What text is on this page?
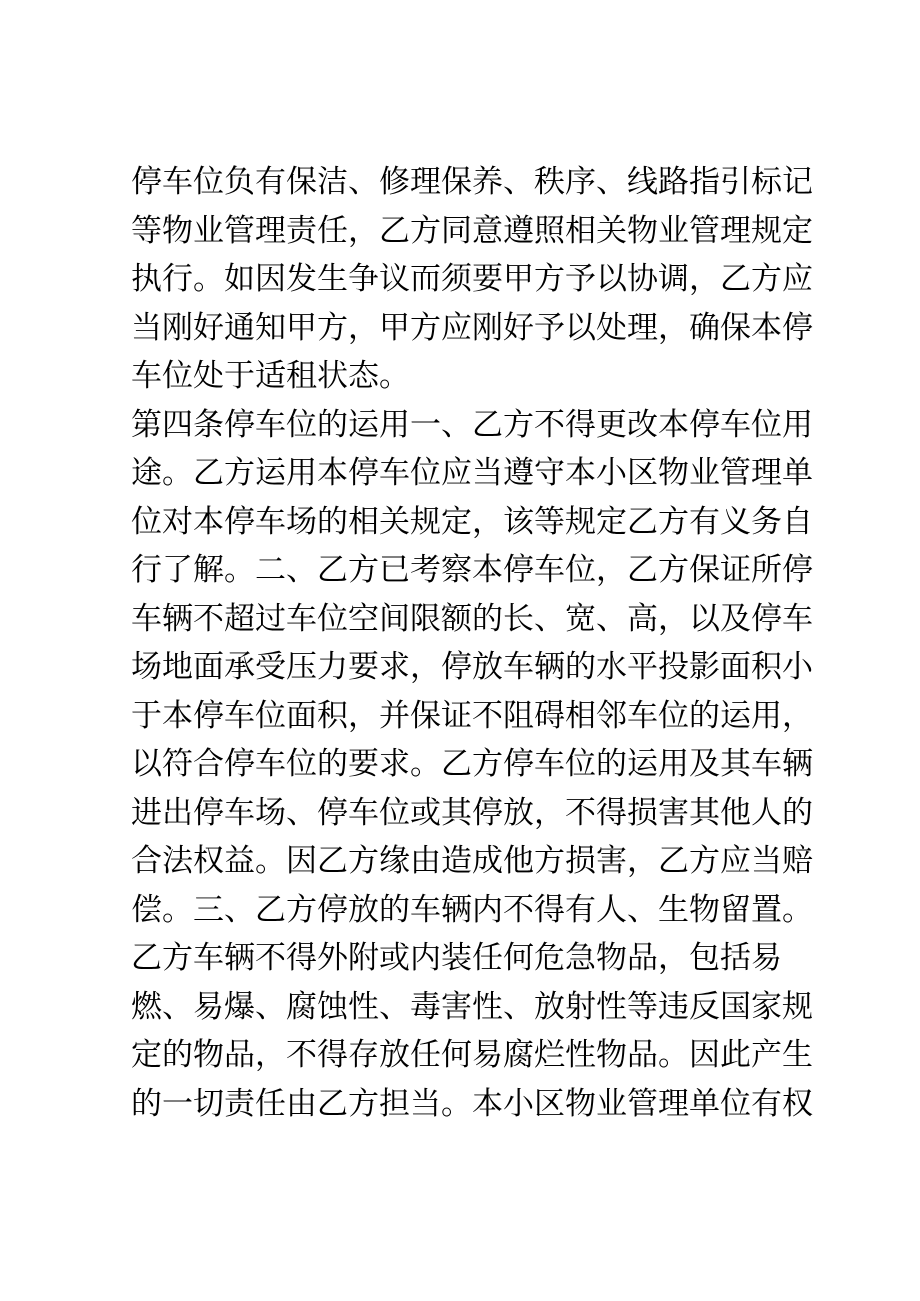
停车位负有保洁、修理保养、秩序、线路指引标记
等物业管理责任，乙方同意遵照相关物业管理规定
执行。如因发生争议而须要甲方予以协调，乙方应
当刚好通知甲方，甲方应刚好予以处理，确保本停
车位处于适租状态。
第四条停车位的运用一、乙方不得更改本停车位用
途。乙方运用本停车位应当遵守本小区物业管理单
位对本停车场的相关规定，该等规定乙方有义务自
行了解。二、乙方已考察本停车位，乙方保证所停
车辆不超过车位空间限额的长、宽、高，以及停车
场地面承受压力要求，停放车辆的水平投影面积小
于本停车位面积，并保证不阻碍相邻车位的运用，
以符合停车位的要求。乙方停车位的运用及其车辆
进出停车场、停车位或其停放，不得损害其他人的
合法权益。因乙方缘由造成他方损害，乙方应当赔
偿。三、乙方停放的车辆内不得有人、生物留置。
乙方车辆不得外附或内装任何危急物品，包括易
燃、易爆、腐蚀性、毒害性、放射性等违反国家规
定的物品，不得存放任何易腐烂性物品。因此产生
的一切责任由乙方担当。本小区物业管理单位有权
